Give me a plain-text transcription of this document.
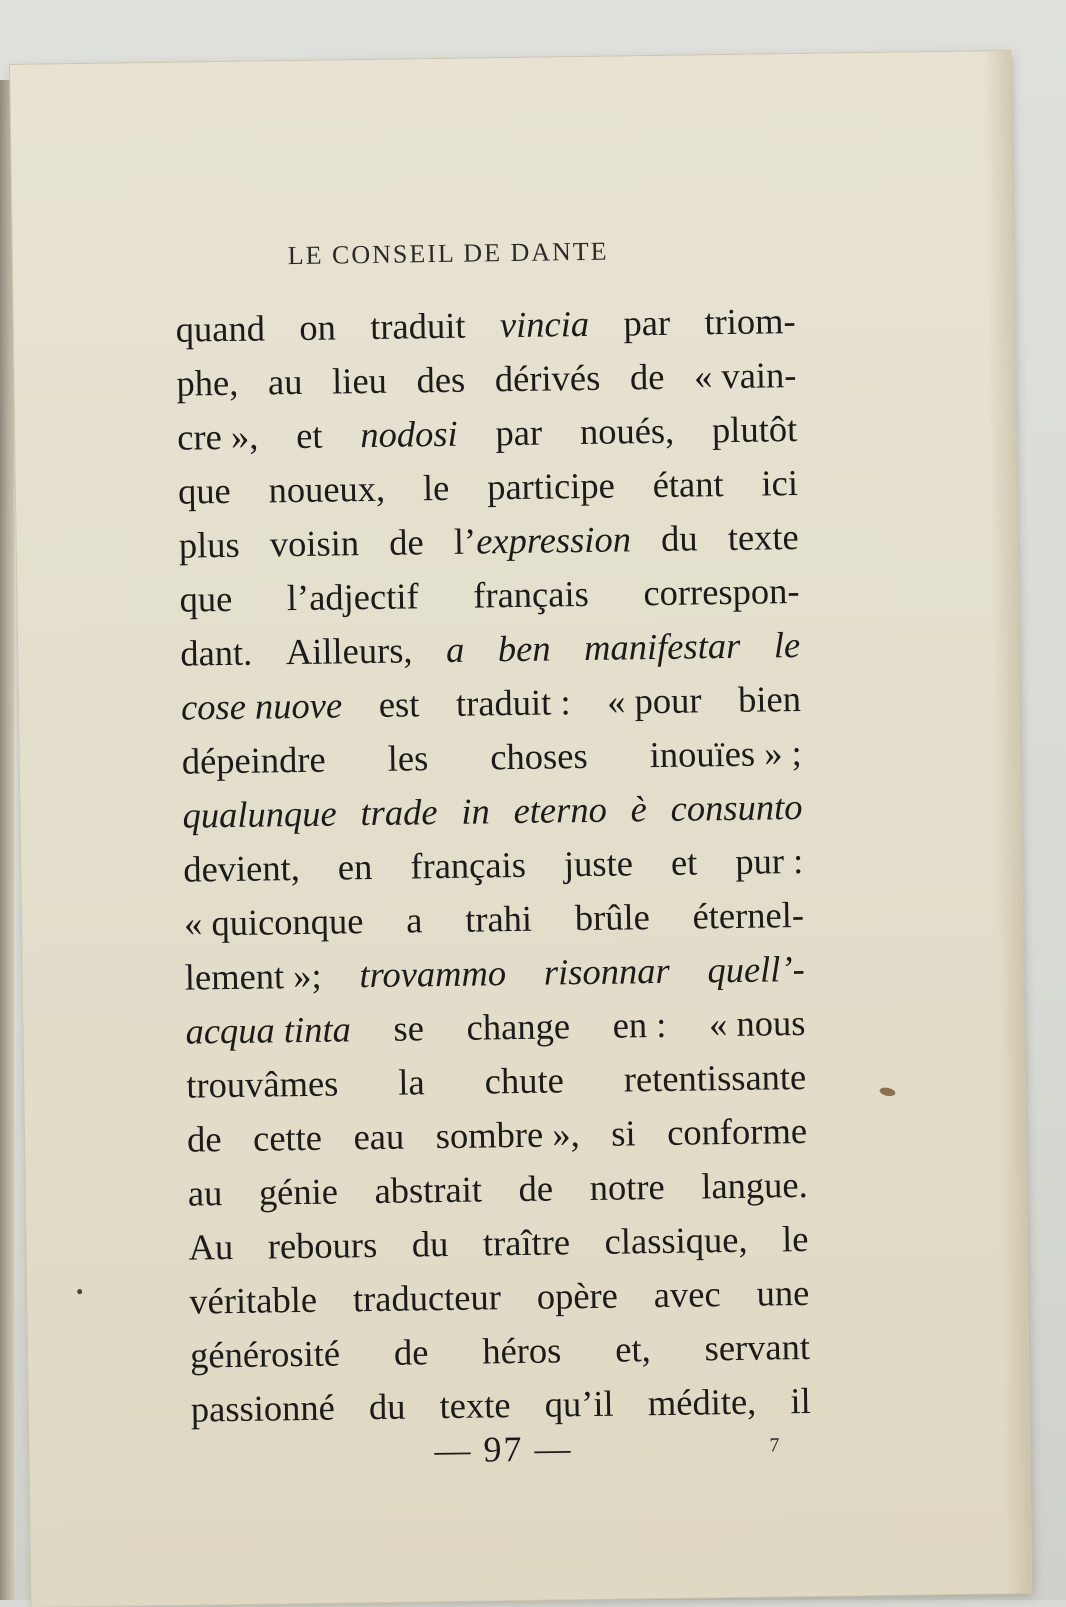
LE CONSEIL DE DANTE
quand on traduit vincia par triom-
phe, au lieu des dérivés de « vain-
cre », et nodosi par noués, plutôt
que noueux, le participe étant ici
plus voisin de l’expression du texte
que l’adjectif français correspon-
dant. Ailleurs, a ben manifestar le
cose nuove est traduit : « pour bien
dépeindre les choses inouïes » ;
qualunque trade in eterno è consunto
devient, en français juste et pur :
« quiconque a trahi brûle éternel-
lement »; trovammo risonnar quell’-
acqua tinta se change en : « nous
trouvâmes la chute retentissante
de cette eau sombre », si conforme
au génie abstrait de notre langue.
Au rebours du traître classique, le
véritable traducteur opère avec une
générosité de héros et, servant
passionné du texte qu’il médite, il
— 97 —	7
